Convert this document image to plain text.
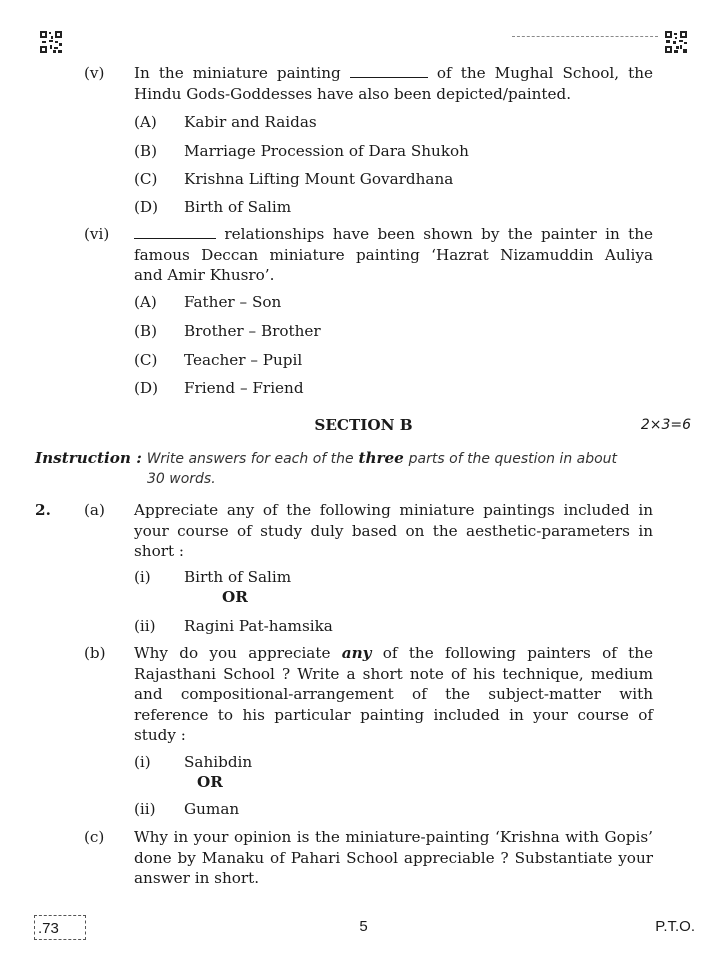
(v) In the miniature painting	of the Mughal School, the
Hindu Gods-Goddesses have also been depicted/painted.
(A) Kabir and Raidas
(B) Marriage Procession of Dara Shukoh
(C) Krishna Lifting Mount Govardhana
(D) Birth of Salim
(vi)	relationships have been shown by the painter in the
famous Deccan miniature painting ‘Hazrat Nizamuddin Auliya
and Amir Khusro’.
(A) Father – Son
(B) Brother – Brother
(C) Teacher – Pupil
(D) Friend – Friend
SECTION B	2×3=6
Instruction : Write answers for each of the three parts of the question in about
30 words.
2. (a) Appreciate any of the following miniature paintings included in
your course of study duly based on the aesthetic-parameters in
short :
(i) Birth of Salim
OR
(ii) Ragini Pat-hamsika
(b) Why do you appreciate any of the following painters of the
Rajasthani School ? Write a short note of his technique, medium
and compositional-arrangement of the subject-matter with
reference to his particular painting included in your course of
study :
(i) Sahibdin
OR
(ii) Guman
(c) Why in your opinion is the miniature-painting ‘Krishna with Gopis’
done by Manaku of Pahari School appreciable ? Substantiate your
answer in short.
.73	5	P.T.O.
